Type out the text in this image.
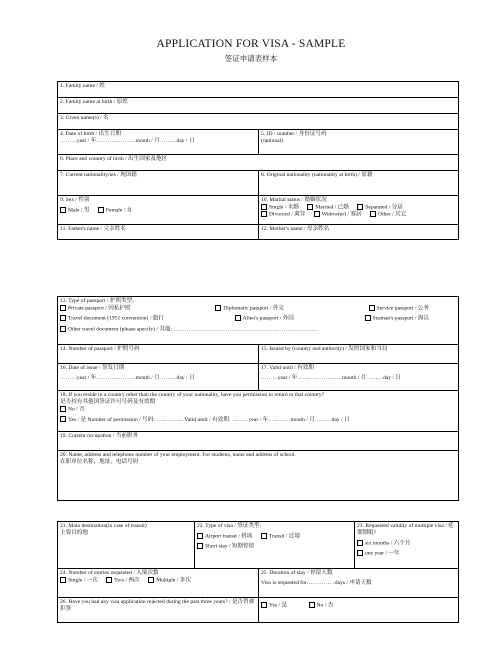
APPLICATION FOR VISA - SAMPLE
签证申请表样本
1. Family name / 姓
2. Family name at birth / 原姓
3. Given name(s) / 名
4. Date of birth / 出生日期
………year / 年…………………month / 月………day / 日
5. ID - number / 身份证号码
(optional)
6. Place and country of birth / 出生国家及地区
7. Current nationality/ies / 现国籍	8. Original nationality (nationality at birth) / 原籍
9. Sex / 性别
Male / 男	Female / 女
10. Marital status / 婚姻状况
Single / 未婚	Married / 已婚	Separated / 分居
Divorced / 离异	Widow(er) / 寡居	Other / 其它
11. Father's name / 父亲姓名	12. Mother's name / 母亲姓名
13. Type of passport / 护照类型:
Private passport / 因私护照	Diplomatic passport / 外交	Service passport / 公务
Travel document (1951 convention) / 旅行	Alien's passport / 外国	Seaman's passport / 海员
Other travel document (please specify) / 其他: ……………………………………………………………………
14. Number of passport / 护照号码	15. Issued by (country and authority) / 发照国家和当局
16. Date of issue / 签发日期
………year / 年…………………month / 月………day / 日
17. Valid until / 有效期
………year / 年……………………month / 月………day / 日
18. If you reside in a country other than the country of your nationality, have you permission to return to that country?
是否持有其他国签证许可号码及有效期
No / 否
Yes / 是 Number of permission / 号码: ……………Valid until / 有效期: ………year / 年…………month / 月………day / 日
19. Current occupation / 当前职务
20. Name, address and telephone number of your employment. For students, name and address of school.
在职单位名称，地址，电话号码
21. Main destination(in case of transit)
主要目的地
22. Type of visa / 签证类型:
Airport transit / 机场	Transit / 过境
Short stay / 短期停留
23. Requested validity of multiple visa / 延期期限?
six months / 六个月
one year / 一年
24. Number of entries requested / 入境次数
Single / 一次	Two / 两次	Multiple / 多次
25. Duration of stay / 停留天数
Visa is requested for……………days / 申请天数
26. Have you had any visa application rejected during the past three years? / 是否曾被拒签
Yes / 是	No / 否
